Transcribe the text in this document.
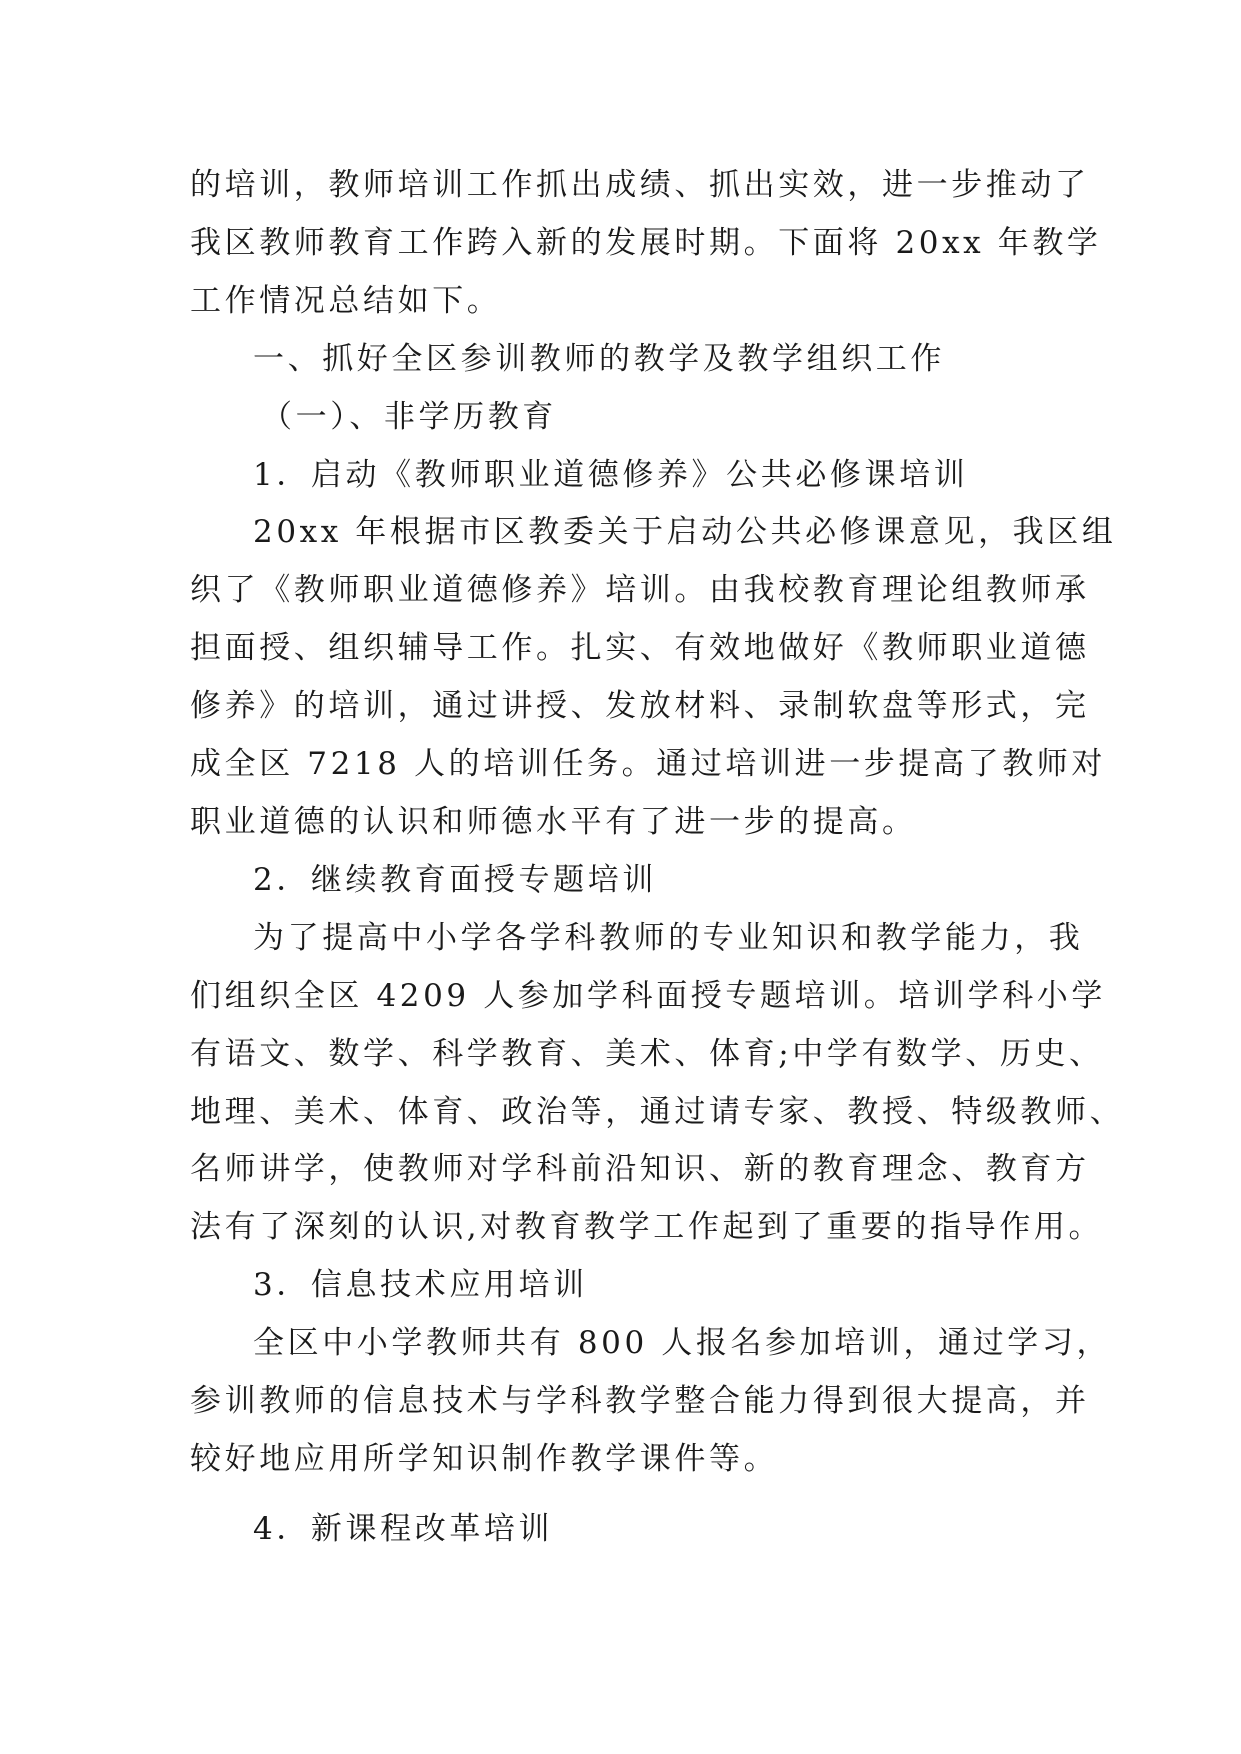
的培训，教师培训工作抓出成绩、抓出实效，进一步推动了

我区教师教育工作跨入新的发展时期。下面将 20xx 年教学

工作情况总结如下。

一、抓好全区参训教师的教学及教学组织工作

（一）、非学历教育

1．启动《教师职业道德修养》公共必修课培训

20xx 年根据市区教委关于启动公共必修课意见，我区组

织了《教师职业道德修养》培训。由我校教育理论组教师承

担面授、组织辅导工作。扎实、有效地做好《教师职业道德

修养》的培训，通过讲授、发放材料、录制软盘等形式，完

成全区 7218 人的培训任务。通过培训进一步提高了教师对

职业道德的认识和师德水平有了进一步的提高。

2．继续教育面授专题培训

为了提高中小学各学科教师的专业知识和教学能力，我

们组织全区 4209 人参加学科面授专题培训。培训学科小学

有语文、数学、科学教育、美术、体育;中学有数学、历史、

地理、美术、体育、政治等，通过请专家、教授、特级教师、

名师讲学，使教师对学科前沿知识、新的教育理念、教育方

法有了深刻的认识,对教育教学工作起到了重要的指导作用。

3．信息技术应用培训

全区中小学教师共有 800 人报名参加培训，通过学习，

参训教师的信息技术与学科教学整合能力得到很大提高，并

较好地应用所学知识制作教学课件等。

4．新课程改革培训
